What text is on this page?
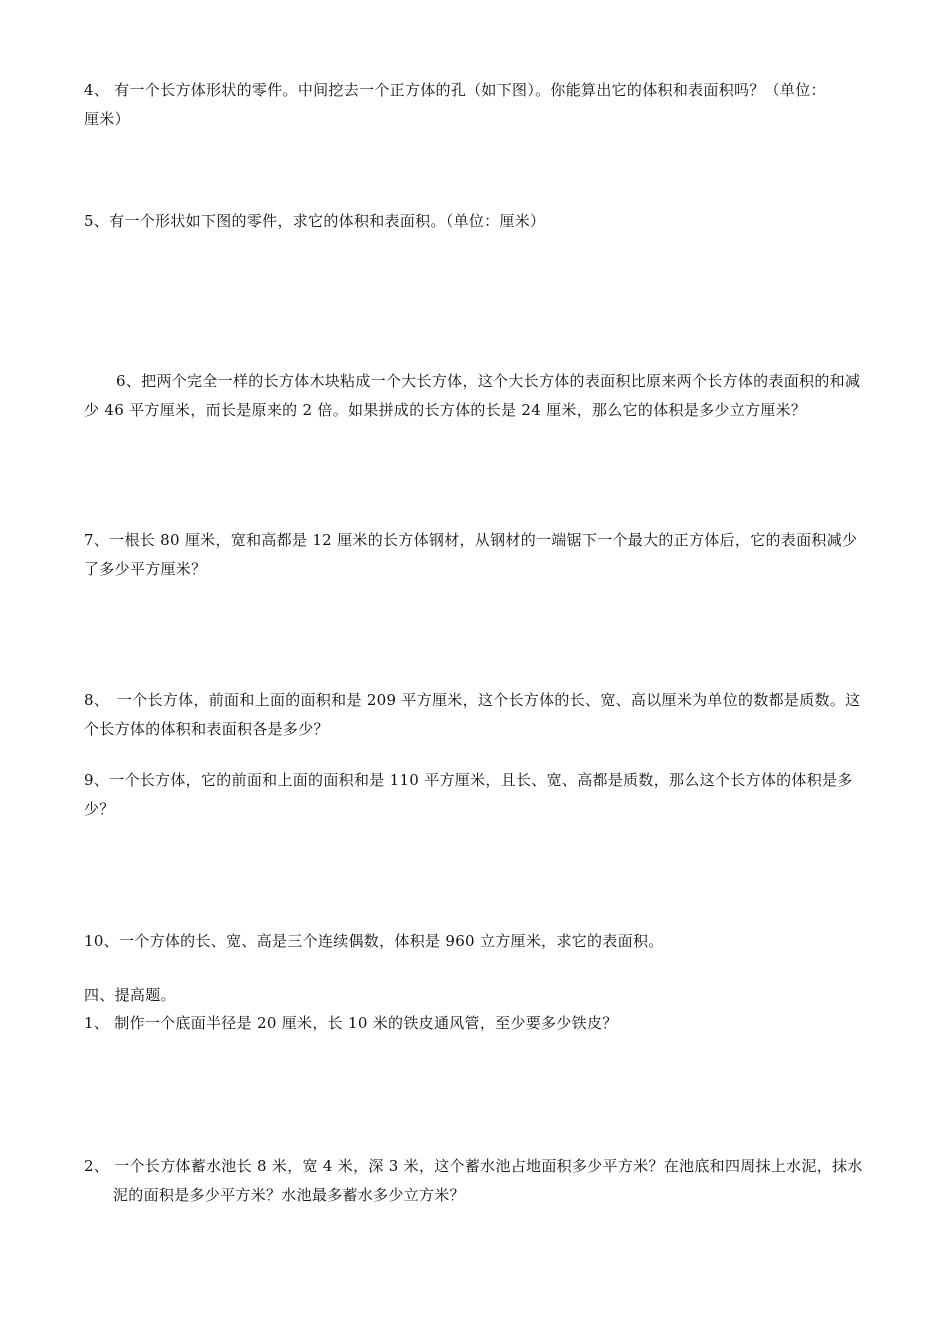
4、 有一个长方体形状的零件。中间挖去一个正方体的孔（如下图）。你能算出它的体积和表面积吗？（单位：

厘米）

5、有一个形状如下图的零件，求它的体积和表面积。（单位：厘米）

6、把两个完全一样的长方体木块粘成一个大长方体，这个大长方体的表面积比原来两个长方体的表面积的和减少 46 平方厘米，而长是原来的 2 倍。如果拼成的长方体的长是 24 厘米，那么它的体积是多少立方厘米？

7、一根长 80 厘米，宽和高都是 12 厘米的长方体钢材，从钢材的一端锯下一个最大的正方体后，它的表面积减少了多少平方厘米？

8、　一个长方体，前面和上面的面积和是 209 平方厘米，这个长方体的长、宽、高以厘米为单位的数都是质数。这个长方体的体积和表面积各是多少？

9、一个长方体，它的前面和上面的面积和是 110 平方厘米，且长、宽、高都是质数，那么这个长方体的体积是多少？

10、一个方体的长、宽、高是三个连续偶数，体积是 960 立方厘米，求它的表面积。

四、提高题。

1、 制作一个底面半径是 20 厘米，长 10 米的铁皮通风管，至少要多少铁皮？

2、 一个长方体蓄水池长 8 米，宽 4 米，深 3 米，这个蓄水池占地面积多少平方米？在池底和四周抹上水泥，抹水泥的面积是多少平方米？水池最多蓄水多少立方米？
